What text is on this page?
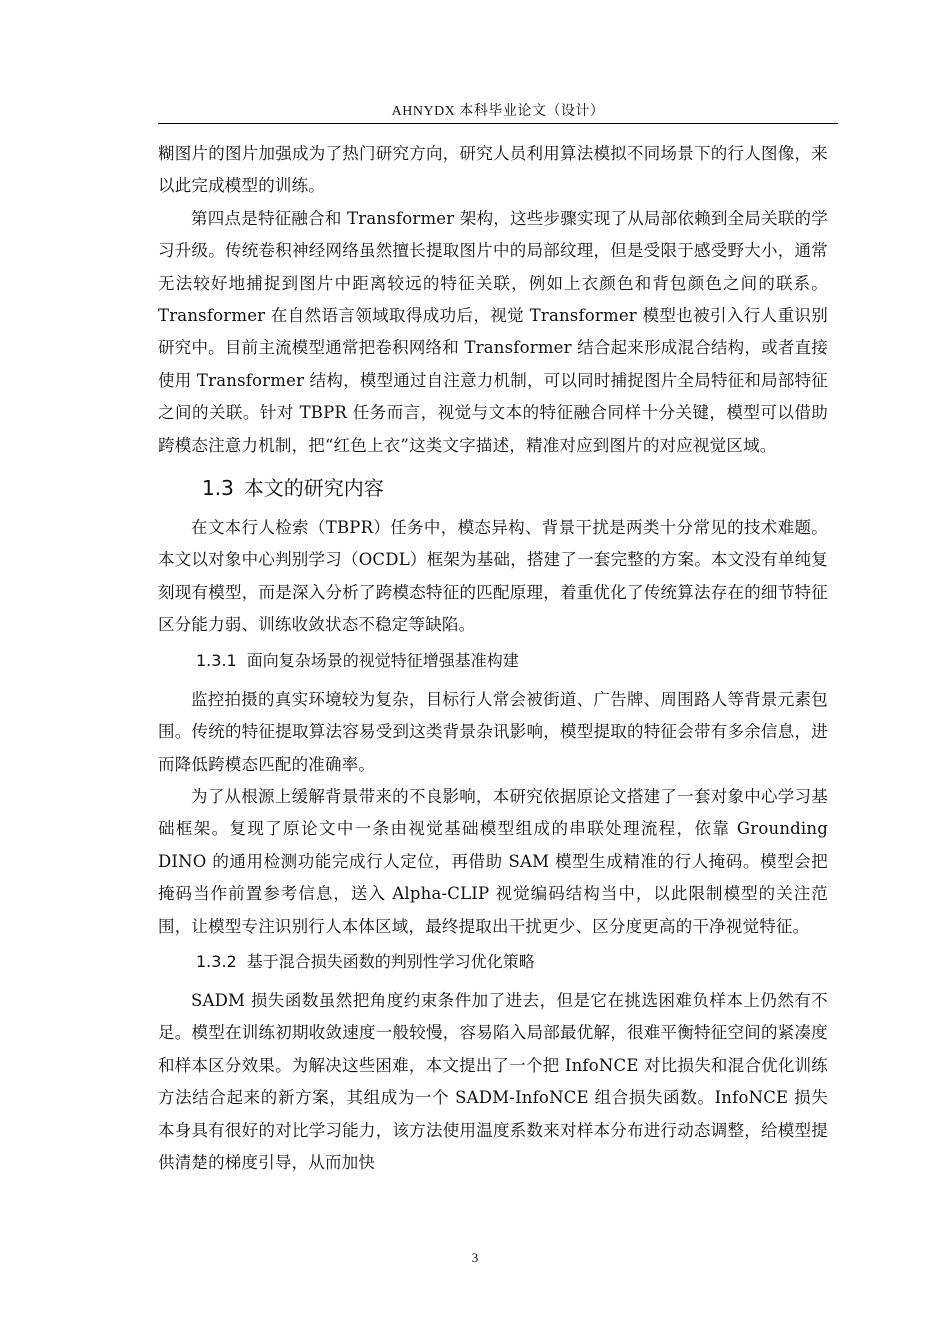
AHNYDX 本科毕业论文（设计）

糊图片的图片加强成为了热门研究方向，研究人员利用算法模拟不同场景下的行人图像，来以此完成模型的训练。

第四点是特征融合和 Transformer 架构，这些步骤实现了从局部依赖到全局关联的学习升级。传统卷积神经网络虽然擅长提取图片中的局部纹理，但是受限于感受野大小，通常无法较好地捕捉到图片中距离较远的特征关联，例如上衣颜色和背包颜色之间的联系。Transformer 在自然语言领域取得成功后，视觉 Transformer 模型也被引入行人重识别研究中。目前主流模型通常把卷积网络和 Transformer 结合起来形成混合结构，或者直接使用 Transformer 结构，模型通过自注意力机制，可以同时捕捉图片全局特征和局部特征之间的关联。针对 TBPR 任务而言，视觉与文本的特征融合同样十分关键，模型可以借助跨模态注意力机制，把“红色上衣”这类文字描述，精准对应到图片的对应视觉区域。

1.3 本文的研究内容

在文本行人检索（TBPR）任务中，模态异构、背景干扰是两类十分常见的技术难题。本文以对象中心判别学习（OCDL）框架为基础，搭建了一套完整的方案。本文没有单纯复刻现有模型，而是深入分析了跨模态特征的匹配原理，着重优化了传统算法存在的细节特征区分能力弱、训练收敛状态不稳定等缺陷。

1.3.1 面向复杂场景的视觉特征增强基准构建

监控拍摄的真实环境较为复杂，目标行人常会被街道、广告牌、周围路人等背景元素包围。传统的特征提取算法容易受到这类背景杂讯影响，模型提取的特征会带有多余信息，进而降低跨模态匹配的准确率。

为了从根源上缓解背景带来的不良影响，本研究依据原论文搭建了一套对象中心学习基础框架。复现了原论文中一条由视觉基础模型组成的串联处理流程，依靠 Grounding DINO 的通用检测功能完成行人定位，再借助 SAM 模型生成精准的行人掩码。模型会把掩码当作前置参考信息，送入 Alpha-CLIP 视觉编码结构当中，以此限制模型的关注范围，让模型专注识别行人本体区域，最终提取出干扰更少、区分度更高的干净视觉特征。

1.3.2 基于混合损失函数的判别性学习优化策略

SADM 损失函数虽然把角度约束条件加了进去，但是它在挑选困难负样本上仍然有不足。模型在训练初期收敛速度一般较慢，容易陷入局部最优解，很难平衡特征空间的紧凑度和样本区分效果。为解决这些困难，本文提出了一个把 InfoNCE 对比损失和混合优化训练方法结合起来的新方案，其组成为一个 SADM-InfoNCE 组合损失函数。InfoNCE 损失本身具有很好的对比学习能力，该方法使用温度系数来对样本分布进行动态调整，给模型提供清楚的梯度引导，从而加快

3
